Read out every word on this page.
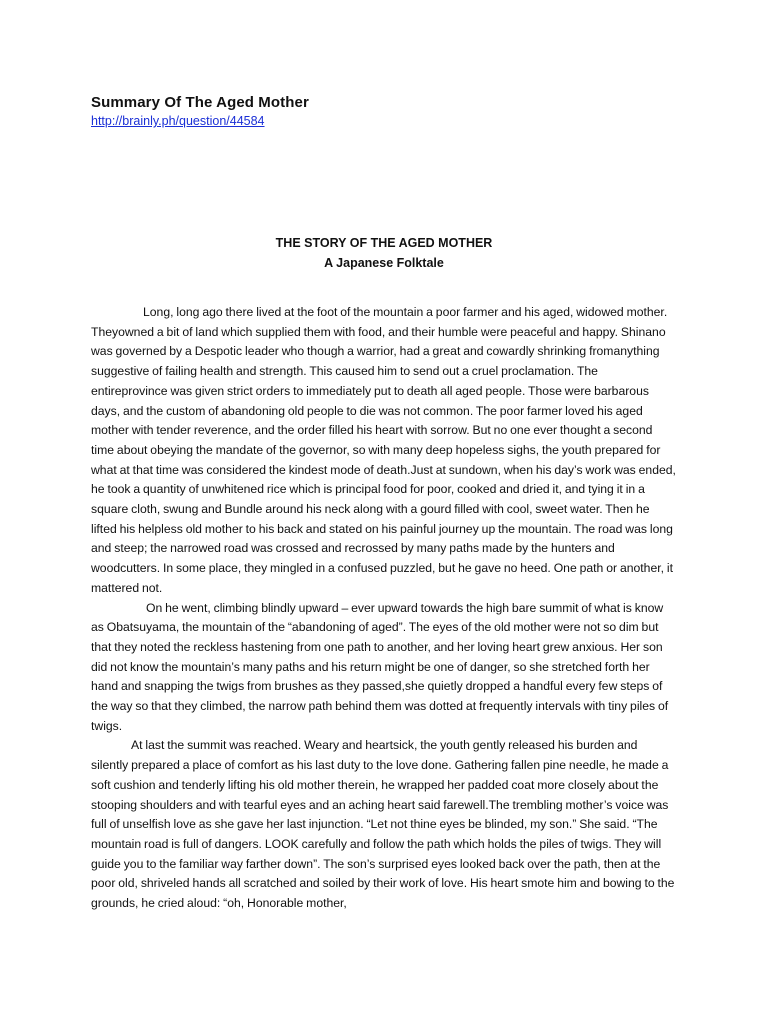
Summary Of The Aged Mother
http://brainly.ph/question/44584
THE STORY OF THE AGED MOTHER
A Japanese Folktale

Long, long ago there lived at the foot of the mountain a poor farmer and his aged, widowed mother. Theyowned a bit of land which supplied them with food, and their humble were peaceful and happy. Shinano was governed by a Despotic leader who though a warrior, had a great and cowardly shrinking fromanything suggestive of failing health and strength. This caused him to send out a cruel proclamation. The entireprovince was given strict orders to immediately put to death all aged people. Those were barbarous days, and the custom of abandoning old people to die was not common. The poor farmer loved his aged mother with tender reverence, and the order filled his heart with sorrow. But no one ever thought a second time about obeying the mandate of the governor, so with many deep hopeless sighs, the youth prepared for what at that time was considered the kindest mode of death.Just at sundown, when his day’s work was ended, he took a quantity of unwhitened rice which is principal food for poor, cooked and dried it, and tying it in a square cloth, swung and Bundle around his neck along with a gourd filled with cool, sweet water. Then he lifted his helpless old mother to his back and stated on his painful journey up the mountain. The road was long and steep; the narrowed road was crossed and recrossed by many paths made by the hunters and woodcutters. In some place, they mingled in a confused puzzled, but he gave no heed. One path or another, it mattered not.

On he went, climbing blindly upward – ever upward towards the high bare summit of what is know as Obatsuyama, the mountain of the “abandoning of aged”. The eyes of the old mother were not so dim but that they noted the reckless hastening from one path to another, and her loving heart grew anxious. Her son did not know the mountain’s many paths and his return might be one of danger, so she stretched forth her hand and snapping the twigs from brushes as they passed,she quietly dropped a handful every few steps of the way so that they climbed, the narrow path behind them was dotted at frequently intervals with tiny piles of twigs.

At last the summit was reached. Weary and heartsick, the youth gently released his burden and silently prepared a place of comfort as his last duty to the love done. Gathering fallen pine needle, he made a soft cushion and tenderly lifting his old mother therein, he wrapped her padded coat more closely about the stooping shoulders and with tearful eyes and an aching heart said farewell.The trembling mother’s voice was full of unselfish love as she gave her last injunction. “Let not thine eyes be blinded, my son.” She said. “The mountain road is full of dangers. LOOK carefully and follow the path which holds the piles of twigs. They will guide you to the familiar way farther down”. The son’s surprised eyes looked back over the path, then at the poor old, shriveled hands all scratched and soiled by their work of love. His heart smote him and bowing to the grounds, he cried aloud: “oh, Honorable mother,
